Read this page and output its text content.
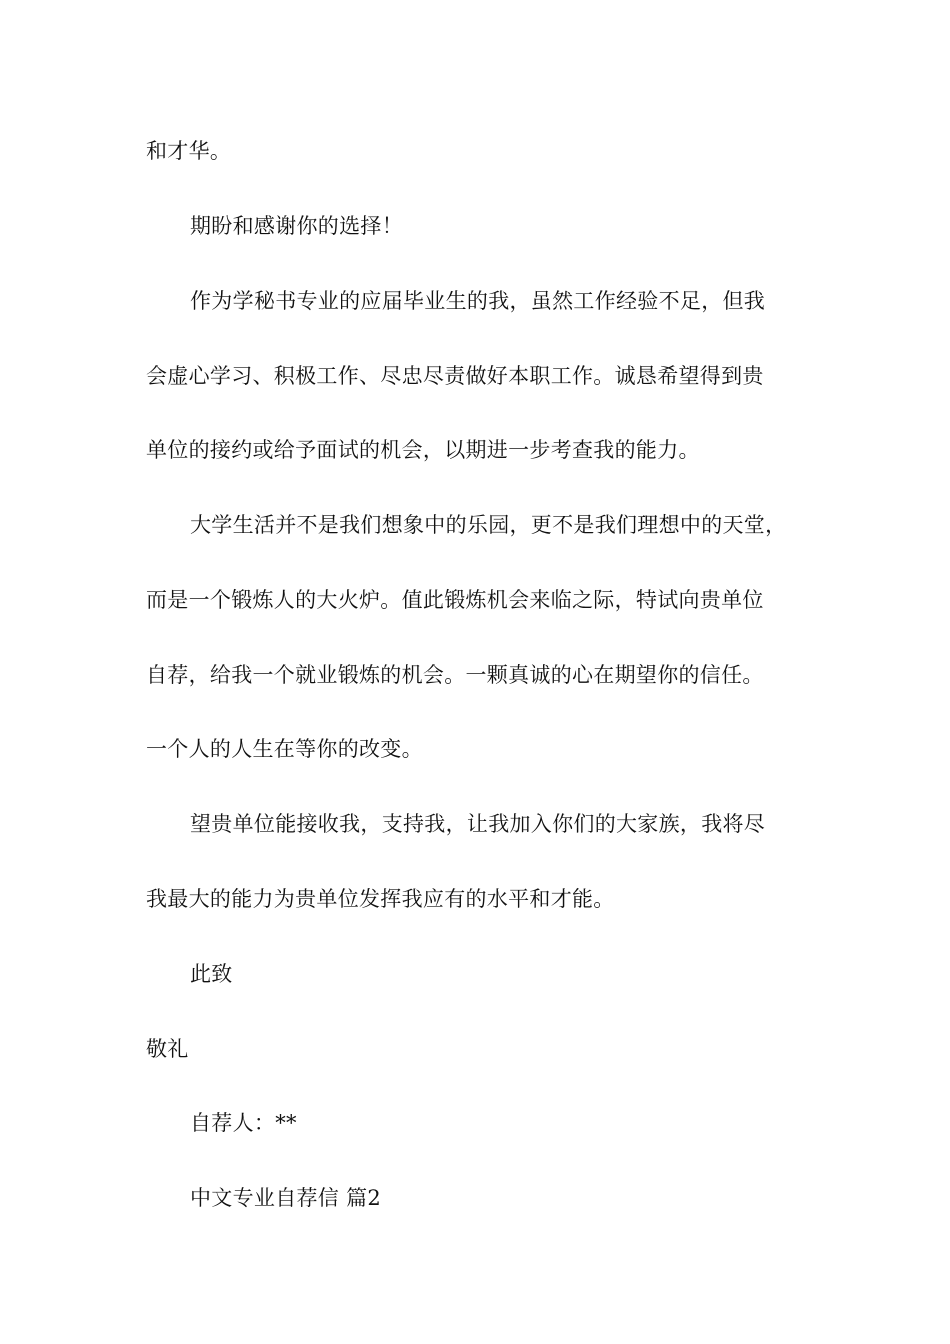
和才华。
期盼和感谢你的选择！
作为学秘书专业的应届毕业生的我，虽然工作经验不足，但我
会虚心学习、积极工作、尽忠尽责做好本职工作。诚恳希望得到贵
单位的接约或给予面试的机会，以期进一步考查我的能力。
大学生活并不是我们想象中的乐园，更不是我们理想中的天堂，
而是一个锻炼人的大火炉。值此锻炼机会来临之际，特试向贵单位
自荐，给我一个就业锻炼的机会。一颗真诚的心在期望你的信任。
一个人的人生在等你的改变。
望贵单位能接收我，支持我，让我加入你们的大家族，我将尽
我最大的能力为贵单位发挥我应有的水平和才能。
此致
敬礼
自荐人：**
中文专业自荐信 篇2
